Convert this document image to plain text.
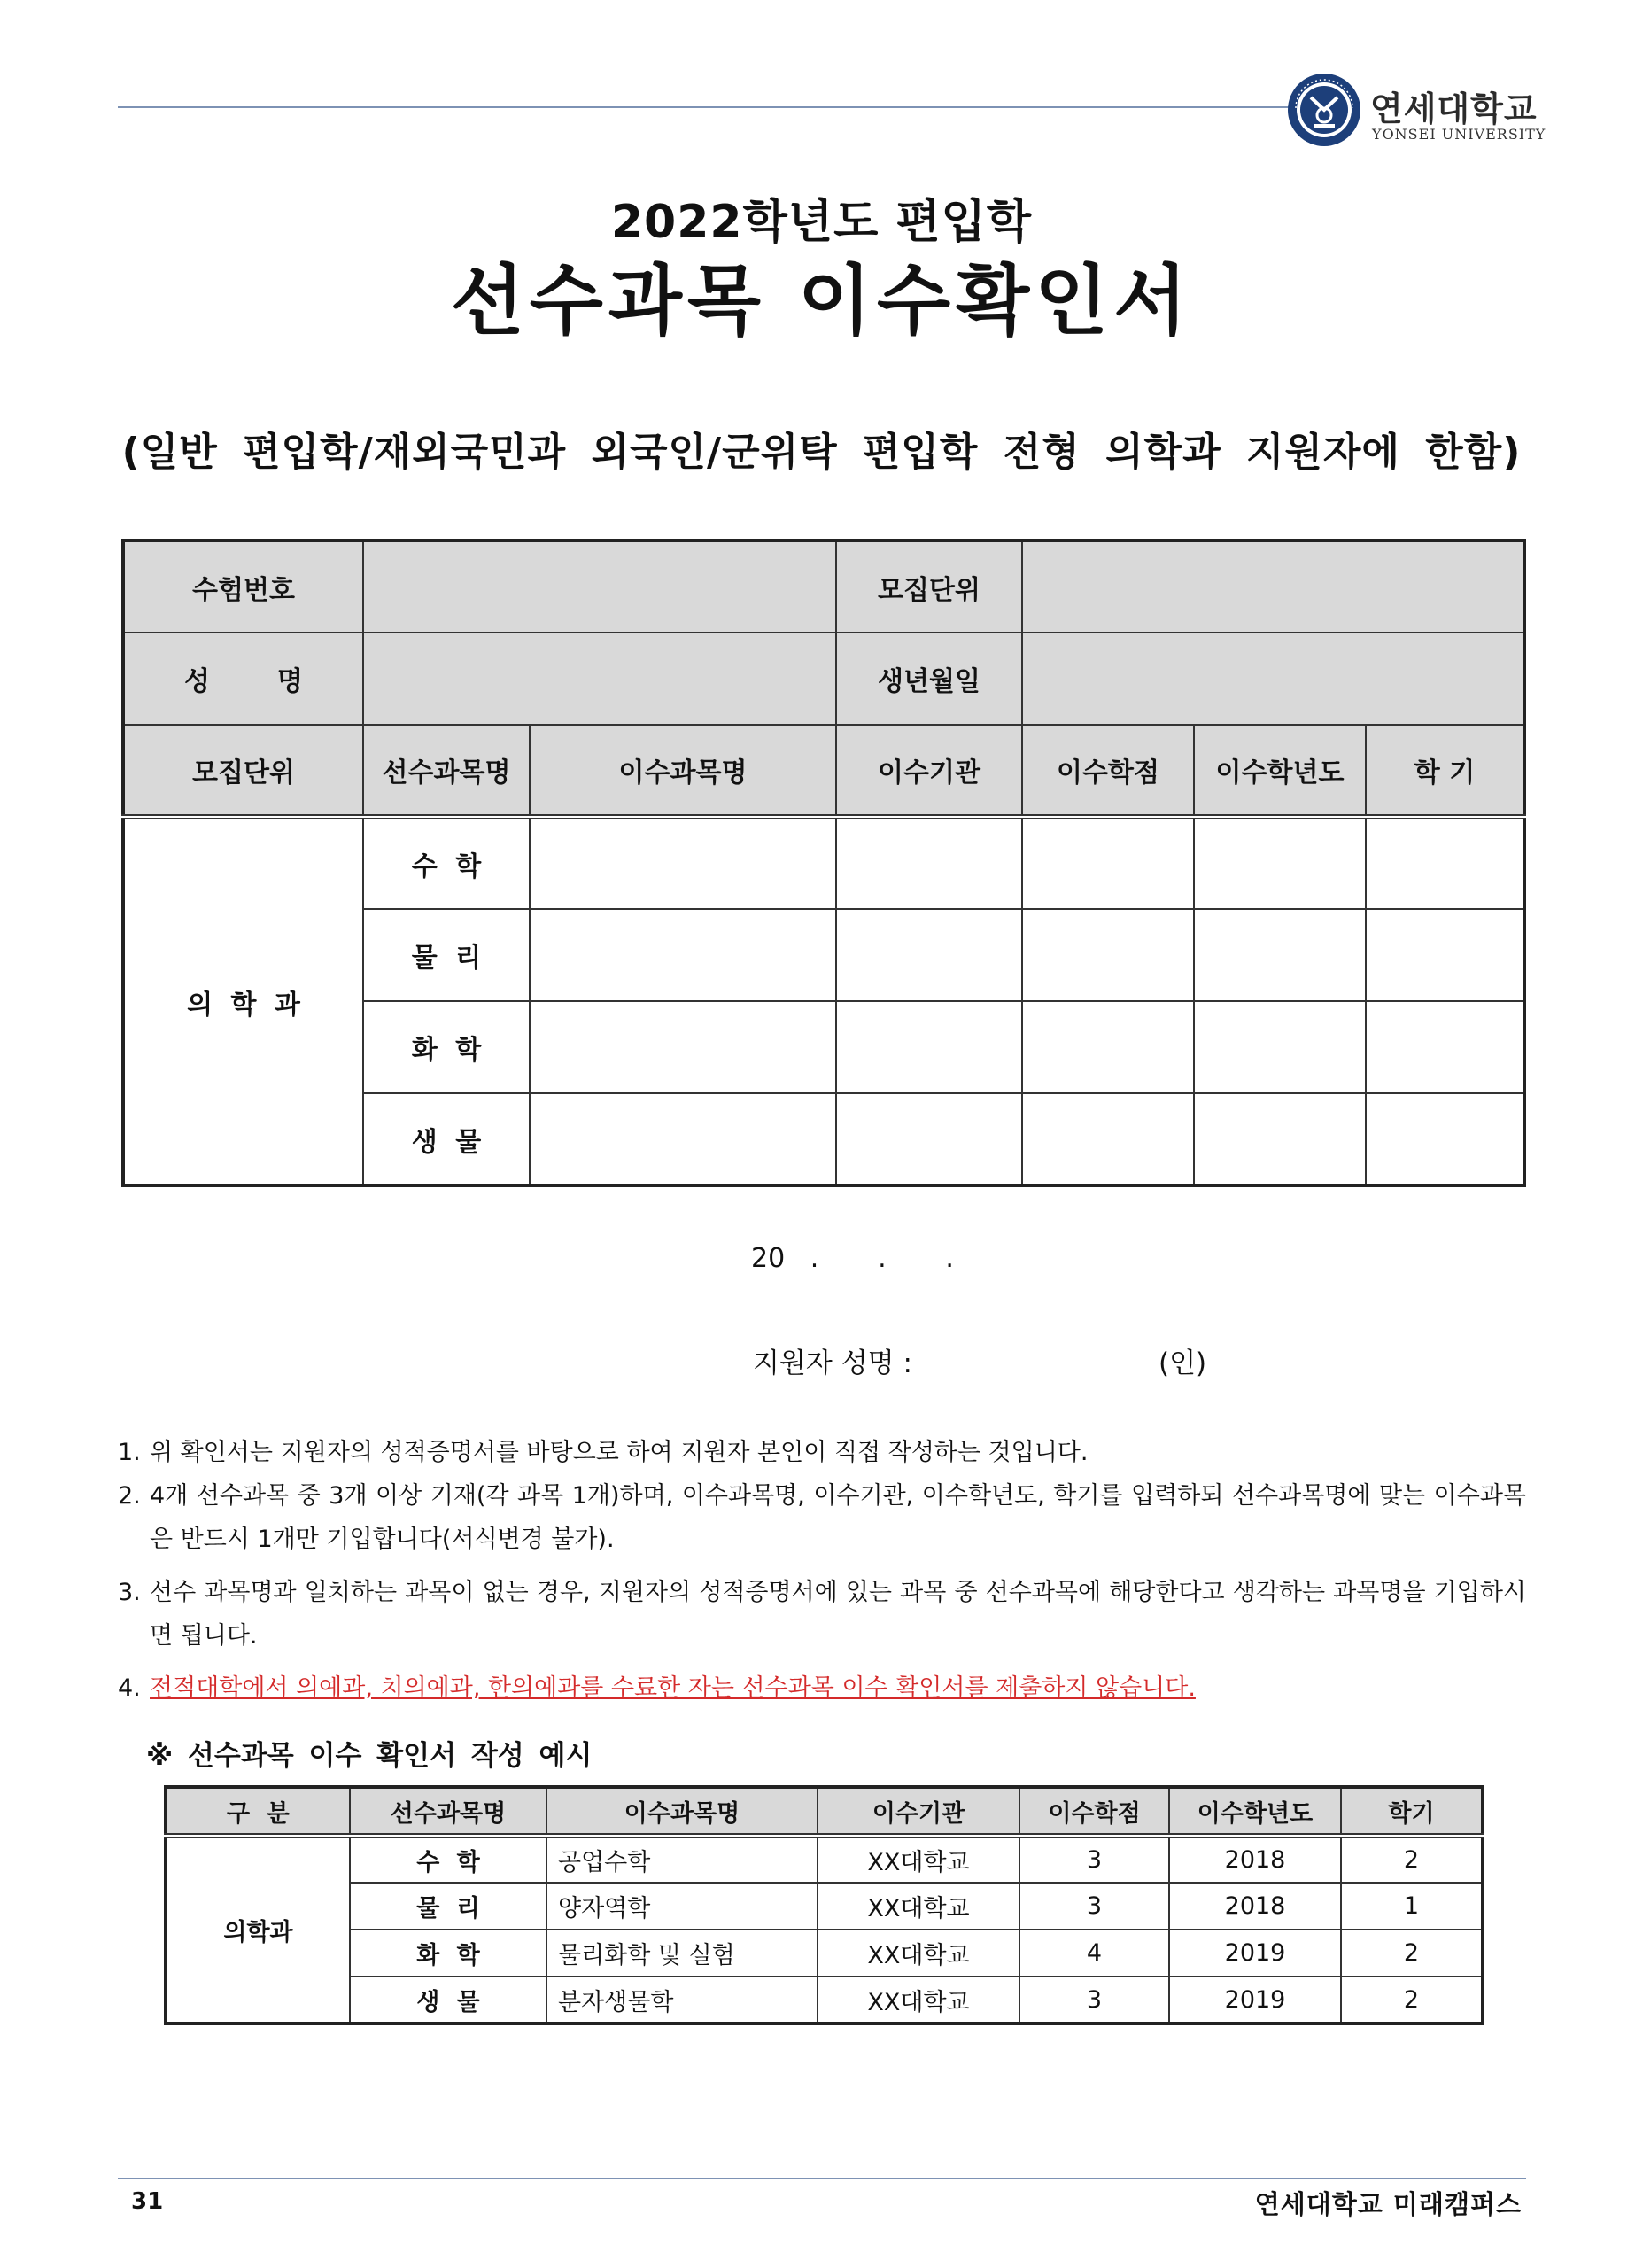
연세대학교
YONSEI UNIVERSITY
2022학년도 편입학
선수과목 이수확인서
(일반 편입학/재외국민과 외국인/군위탁 편입학 전형 의학과 지원자에 한함)
수험번호			모집단위			
성 명			생년월일			
모집단위	선수과목명	이수과목명	이수기관	이수학점	이수학년도	학 기
의 학 과	수 학					
	물 리					
	화 학					
	생 물					
20   .       .       .
지원자 성명 :	(인)
1. 위 확인서는 지원자의 성적증명서를 바탕으로 하여 지원자 본인이 직접 작성하는 것입니다.
2. 4개 선수과목 중 3개 이상 기재(각 과목 1개)하며, 이수과목명, 이수기관, 이수학년도, 학기를 입력하되 선수과목명에 맞는 이수과목은 반드시 1개만 기입합니다(서식변경 불가).
3. 선수 과목명과 일치하는 과목이 없는 경우, 지원자의 성적증명서에 있는 과목 중 선수과목에 해당한다고 생각하는 과목명을 기입하시면 됩니다.
4. 전적대학에서 의예과, 치의예과, 한의예과를 수료한 자는 선수과목 이수 확인서를 제출하지 않습니다.
※ 선수과목 이수 확인서 작성 예시
구  분	선수과목명	이수과목명	이수기관	이수학점	이수학년도	학기
의학과	수 학	공업수학	XX대학교	3	2018	2
	물 리	양자역학	XX대학교	3	2018	1
	화 학	물리화학 및 실험	XX대학교	4	2019	2
	생 물	분자생물학	XX대학교	3	2019	2
31	연세대학교 미래캠퍼스
